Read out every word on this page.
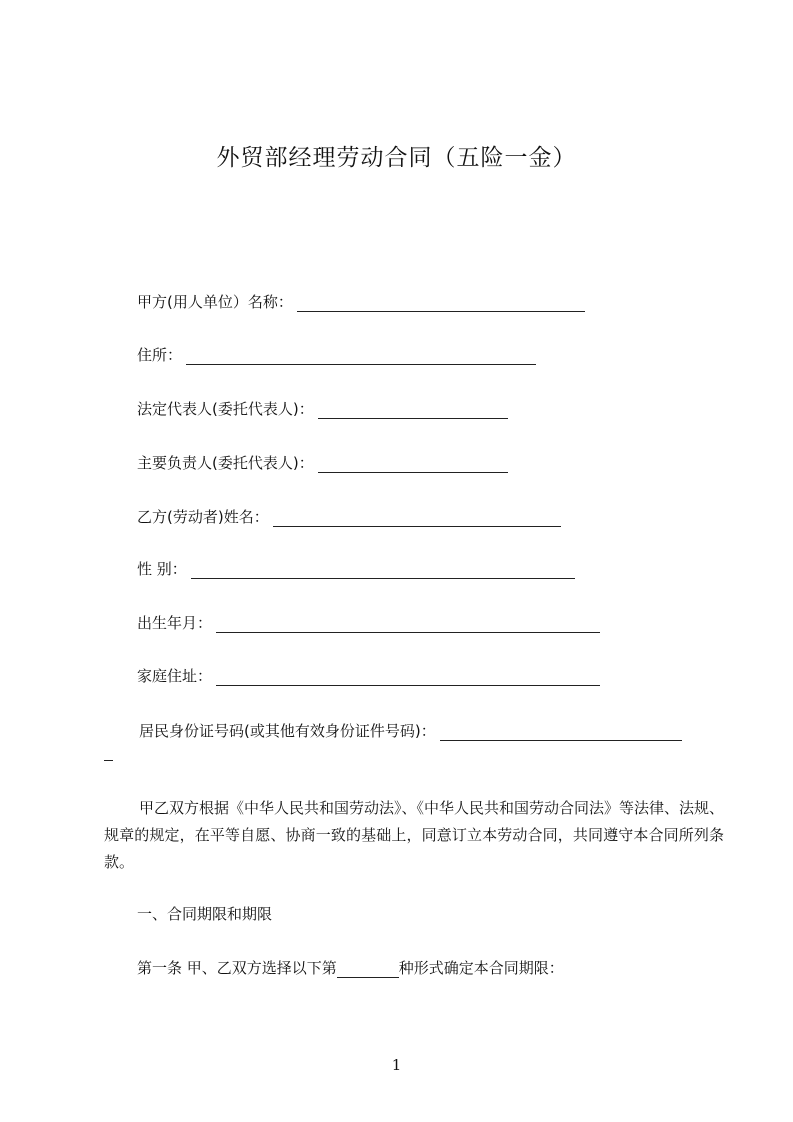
外贸部经理劳动合同（五险一金）
甲方(用人单位）名称：
住所：
法定代表人(委托代表人)：
主要负责人(委托代表人)：
乙方(劳动者)姓名：
性 别：
出生年月：
家庭住址：
居民身份证号码(或其他有效身份证件号码)：

甲乙双方根据《中华人民共和国劳动法》、《中华人民共和国劳动合同法》等法律、法规、规章的规定，在平等自愿、协商一致的基础上，同意订立本劳动合同，共同遵守本合同所列条款。

一、合同期限和期限
第一条 甲、乙双方选择以下第	种形式确定本合同期限：
1
